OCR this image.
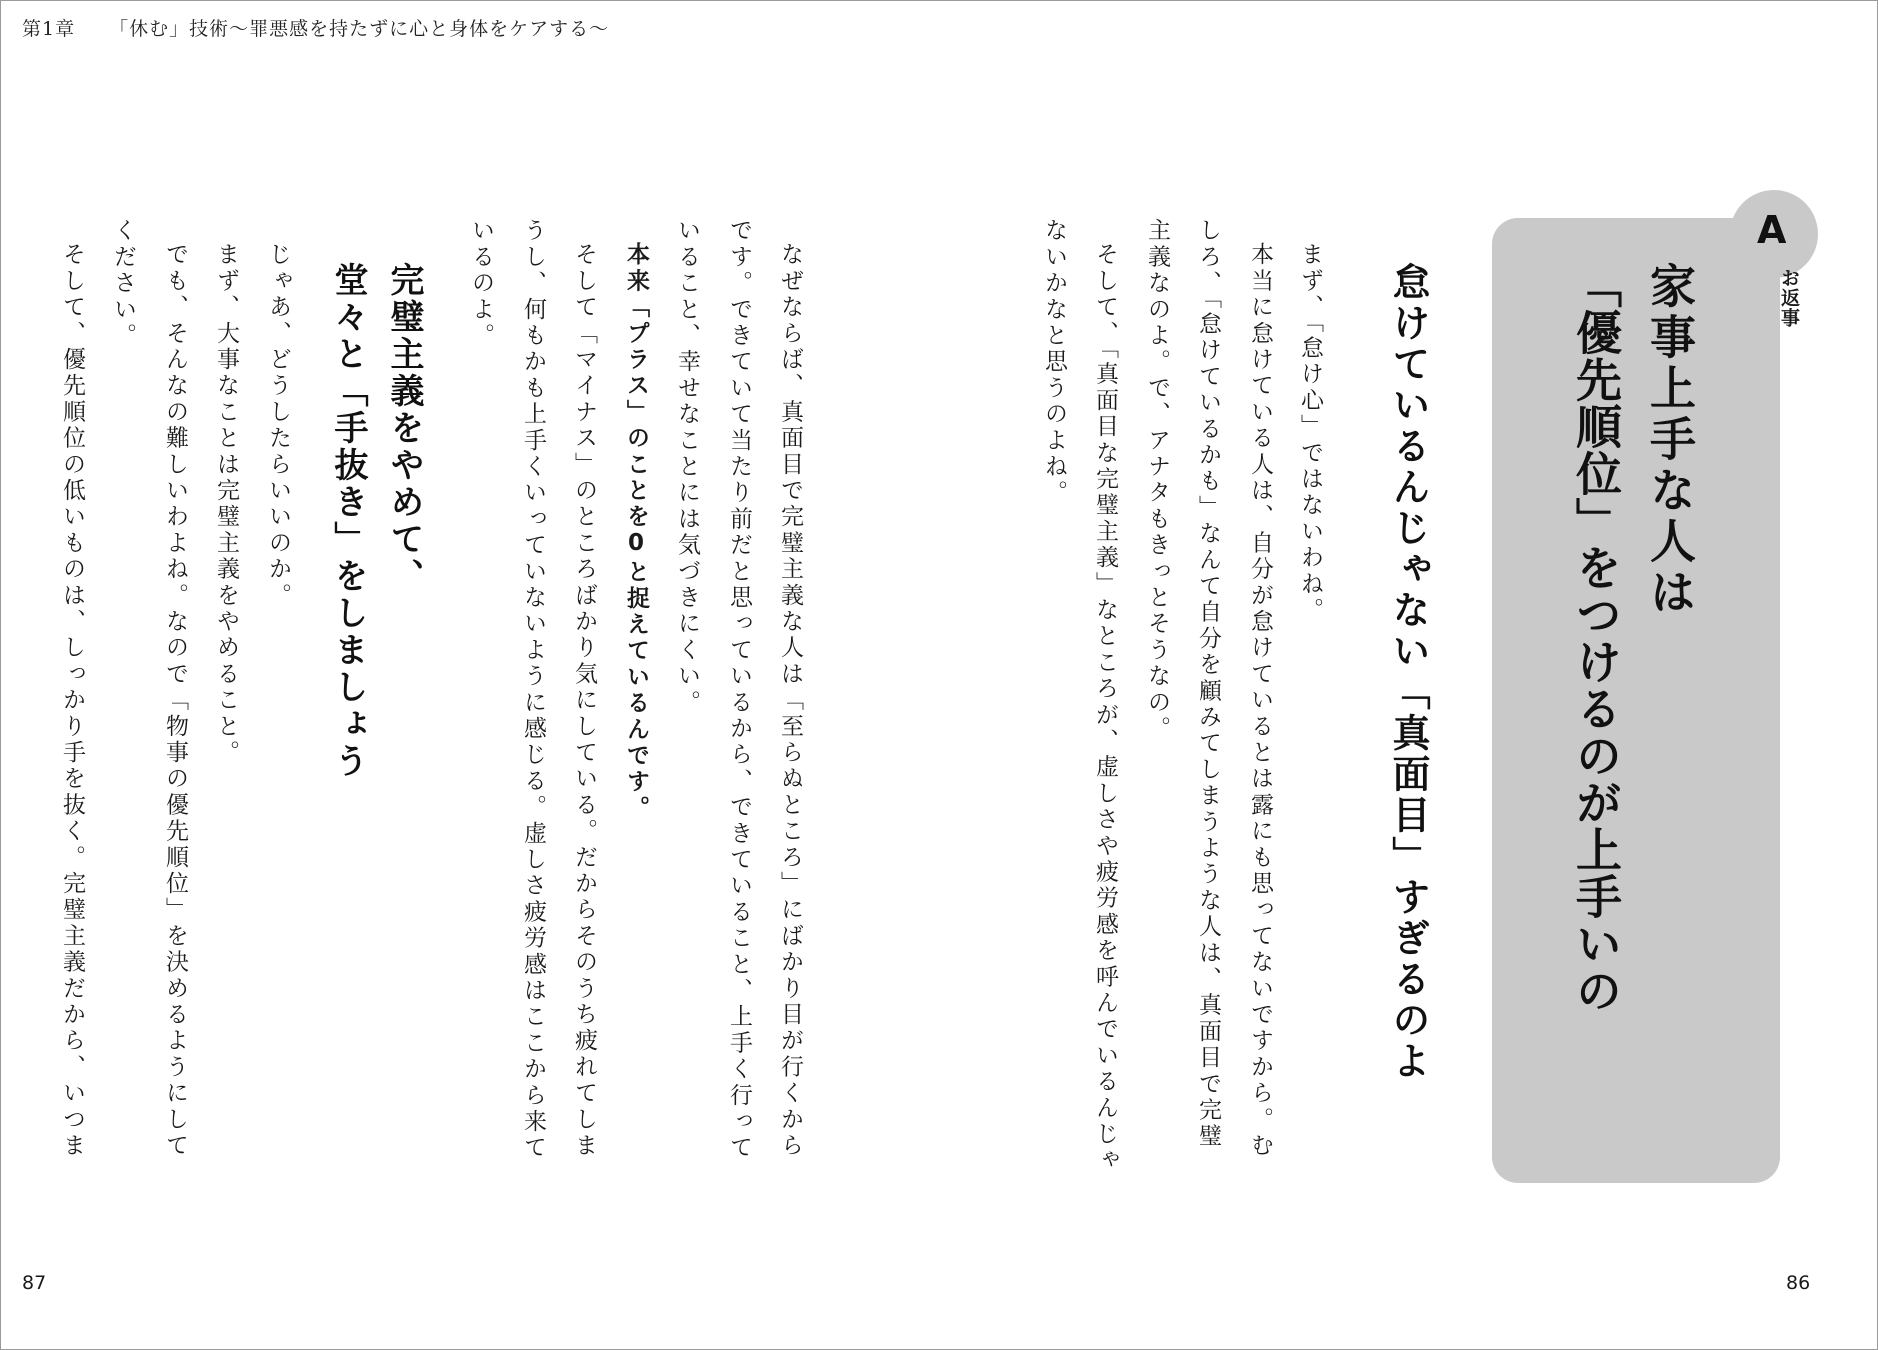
第1章 「休む」技術〜罪悪感を持たずに心と身体をケアする〜
A
お返事
家事上手な人は
「優先順位」をつけるのが上手いの
怠けているんじゃない「真面目」すぎるのよ
まず、「怠け心」ではないわね。
本当に怠けている人は、自分が怠けているとは露にも思ってないですから。む
しろ、「怠けているかも」なんて自分を顧みてしまうような人は、真面目で完璧
主義なのよ。で、アナタもきっとそうなの。
そして、「真面目な完璧主義」なところが、虚しさや疲労感を呼んでいるんじゃ
ないかなと思うのよね。
なぜならば、真面目で完璧主義な人は「至らぬところ」にばかり目が行くから
です。できていて当たり前だと思っているから、できていること、上手く行って
いること、幸せなことには気づきにくい。
本来「プラス」のことを0と捉えているんです。
そして「マイナス」のところばかり気にしている。だからそのうち疲れてしま
うし、何もかも上手くいっていないように感じる。虚しさ疲労感はここから来て
いるのよ。
完璧主義をやめて、
堂々と「手抜き」をしましょう
じゃあ、どうしたらいいのか。
まず、大事なことは完璧主義をやめること。
でも、そんなの難しいわよね。なので「物事の優先順位」を決めるようにして
ください。
そして、優先順位の低いものは、しっかり手を抜く。完璧主義だから、いつま
87	86
